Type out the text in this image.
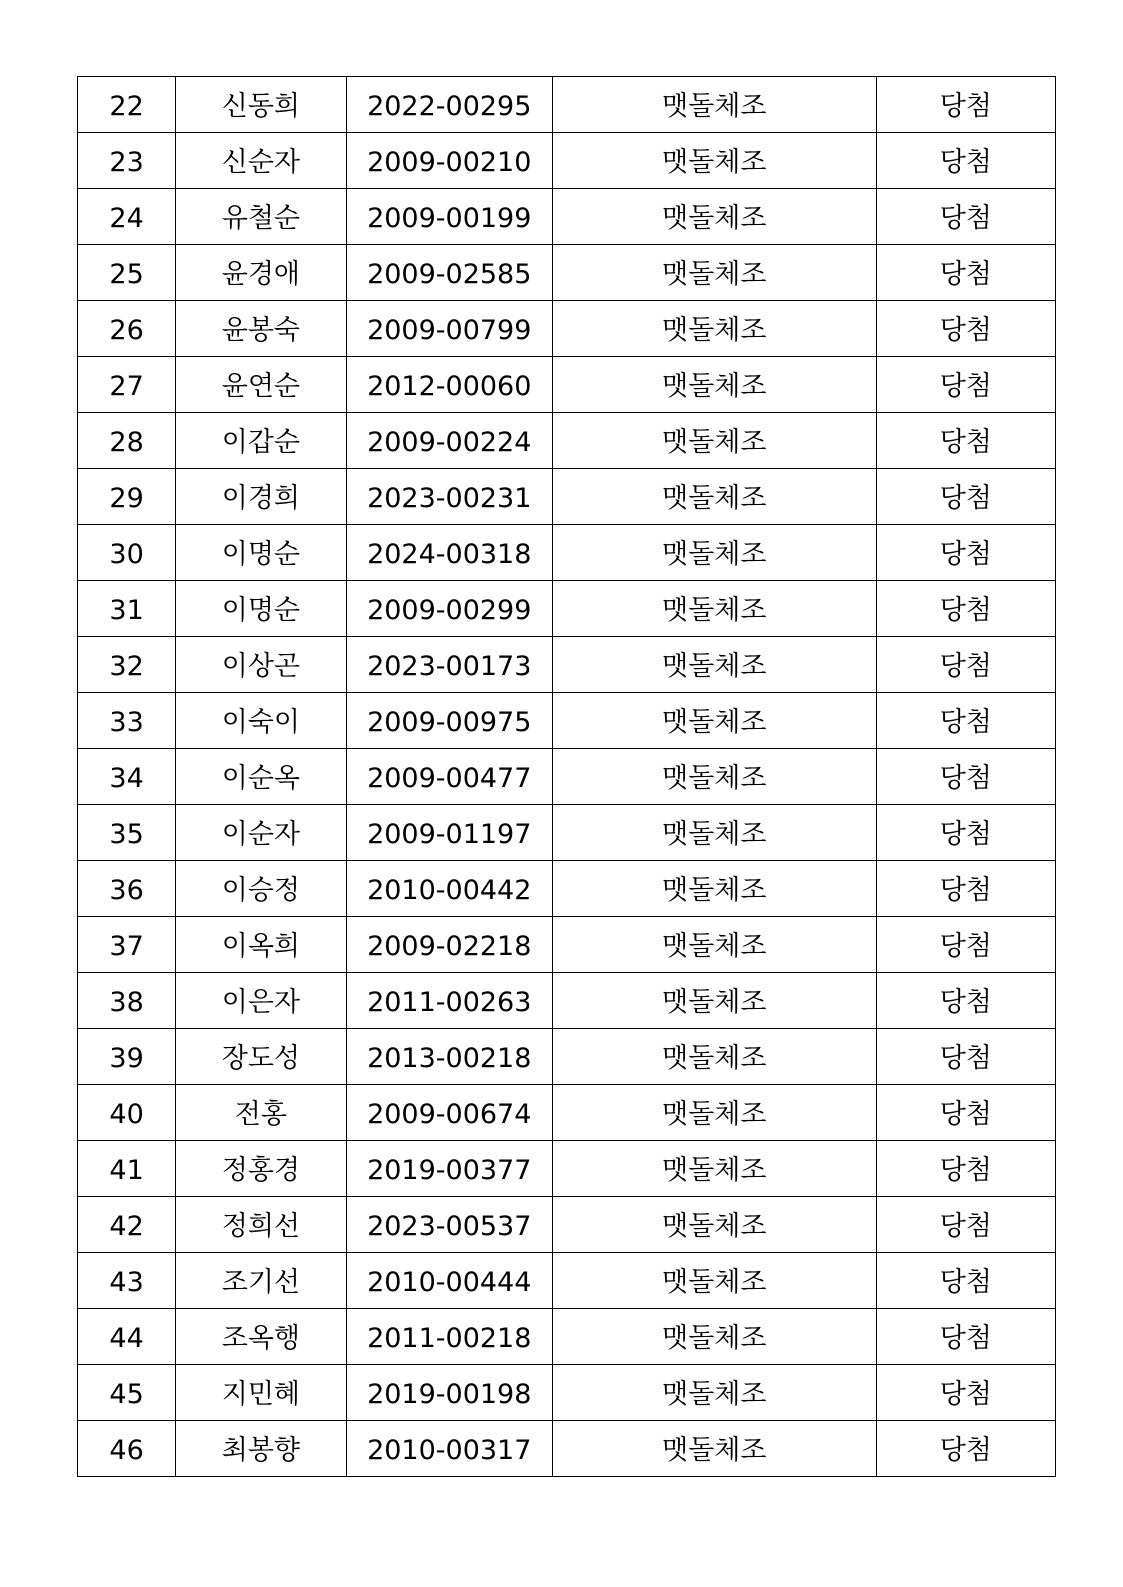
22	신동희	2022-00295	맷돌체조	당첨
23	신순자	2009-00210	맷돌체조	당첨
24	유철순	2009-00199	맷돌체조	당첨
25	윤경애	2009-02585	맷돌체조	당첨
26	윤봉숙	2009-00799	맷돌체조	당첨
27	윤연순	2012-00060	맷돌체조	당첨
28	이갑순	2009-00224	맷돌체조	당첨
29	이경희	2023-00231	맷돌체조	당첨
30	이명순	2024-00318	맷돌체조	당첨
31	이명순	2009-00299	맷돌체조	당첨
32	이상곤	2023-00173	맷돌체조	당첨
33	이숙이	2009-00975	맷돌체조	당첨
34	이순옥	2009-00477	맷돌체조	당첨
35	이순자	2009-01197	맷돌체조	당첨
36	이승정	2010-00442	맷돌체조	당첨
37	이옥희	2009-02218	맷돌체조	당첨
38	이은자	2011-00263	맷돌체조	당첨
39	장도성	2013-00218	맷돌체조	당첨
40	전홍	2009-00674	맷돌체조	당첨
41	정홍경	2019-00377	맷돌체조	당첨
42	정희선	2023-00537	맷돌체조	당첨
43	조기선	2010-00444	맷돌체조	당첨
44	조옥행	2011-00218	맷돌체조	당첨
45	지민혜	2019-00198	맷돌체조	당첨
46	최봉향	2010-00317	맷돌체조	당첨
